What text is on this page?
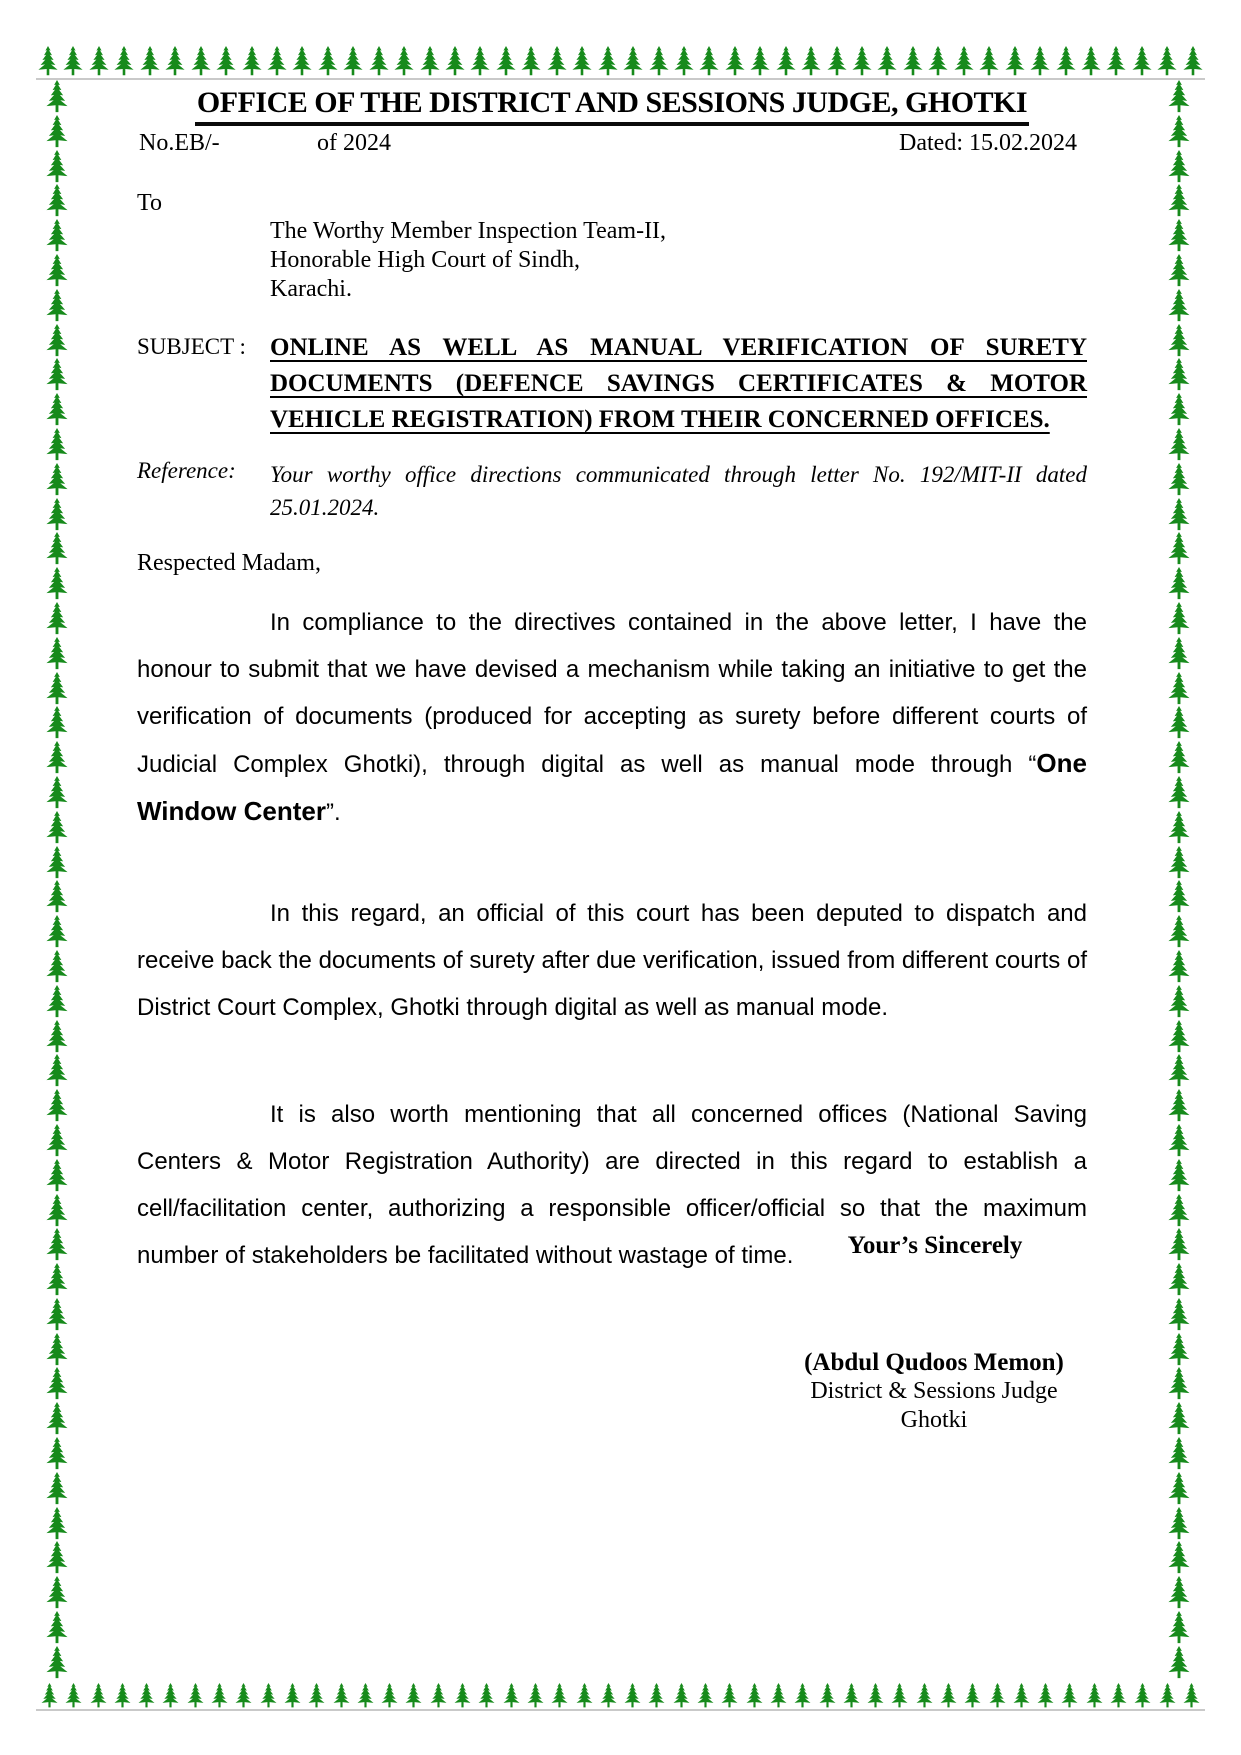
OFFICE OF THE DISTRICT AND SESSIONS JUDGE, GHOTKI
No.EB/-	of 2024	Dated: 15.02.2024
To
The Worthy Member Inspection Team-II,
Honorable High Court of Sindh,
Karachi.
SUBJECT : ONLINE AS WELL AS MANUAL VERIFICATION OF SURETY DOCUMENTS (DEFENCE SAVINGS CERTIFICATES & MOTOR VEHICLE REGISTRATION) FROM THEIR CONCERNED OFFICES.
Reference:	Your worthy office directions communicated through letter No. 192/MIT-II dated 25.01.2024.
Respected Madam,

In compliance to the directives contained in the above letter, I have the honour to submit that we have devised a mechanism while taking an initiative to get the verification of documents (produced for accepting as surety before different courts of Judicial Complex Ghotki), through digital as well as manual mode through “One Window Center”.

In this regard, an official of this court has been deputed to dispatch and receive back the documents of surety after due verification, issued from different courts of District Court Complex, Ghotki through digital as well as manual mode.

It is also worth mentioning that all concerned offices (National Saving Centers & Motor Registration Authority) are directed in this regard to establish a cell/facilitation center, authorizing a responsible officer/official so that the maximum number of stakeholders be facilitated without wastage of time.	Your’s Sincerely
(Abdul Qudoos Memon)
District & Sessions Judge
Ghotki
